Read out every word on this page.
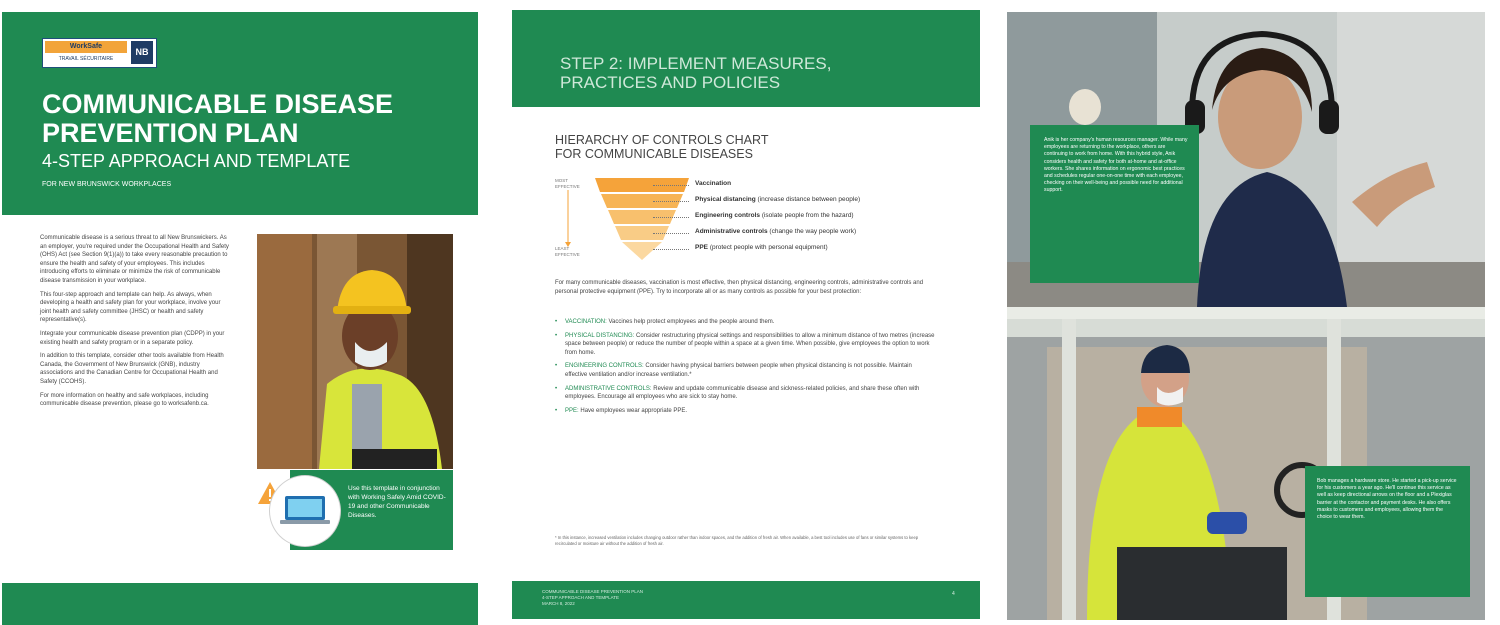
WorkSafe
TRAVAIL SÉCURITAIRE
NB
COMMUNICABLE DISEASE
PREVENTION PLAN
4-STEP APPROACH AND TEMPLATE
FOR NEW BRUNSWICK WORKPLACES

Communicable disease is a serious threat to all New Brunswickers. As an employer, you're required under the Occupational Health and Safety (OHS) Act (see Section 9(1)(a)) to take every reasonable precaution to ensure the health and safety of your employees. This includes introducing efforts to eliminate or minimize the risk of communicable disease transmission in your workplace.

This four-step approach and template can help. As always, when developing a health and safety plan for your workplace, involve your joint health and safety committee (JHSC) or health and safety representative(s).

Integrate your communicable disease prevention plan (CDPP) in your existing health and safety program or in a separate policy.

In addition to this template, consider other tools available from Health Canada, the Government of New Brunswick (GNB), industry associations and the Canadian Centre for Occupational Health and Safety (CCOHS).

For more information on healthy and safe workplaces, including communicable disease prevention, please go to worksafenb.ca.

Use this template in conjunction with Working Safely Amid COVID-19 and other Communicable Diseases.
STEP 2: IMPLEMENT MEASURES,
PRACTICES AND POLICIES
HIERARCHY OF CONTROLS CHART
FOR COMMUNICABLE DISEASES
MOST EFFECTIVE
LEAST EFFECTIVE
Vaccination
Physical distancing (increase distance between people)
Engineering controls (isolate people from the hazard)
Administrative controls (change the way people work)
PPE (protect people with personal equipment)
For many communicable diseases, vaccination is most effective, then physical distancing, engineering controls, administrative controls and personal protective equipment (PPE). Try to incorporate all or as many controls as possible for your best protection:
• VACCINATION: Vaccines help protect employees and the people around them.
• PHYSICAL DISTANCING: Consider restructuring physical settings and responsibilities to allow a minimum distance of two metres (increase space between people) or reduce the number of people within a space at a given time. When possible, give employees the option to work from home.
• ENGINEERING CONTROLS: Consider having physical barriers between people when physical distancing is not possible. Maintain effective ventilation and/or increase ventilation.*
• ADMINISTRATIVE CONTROLS: Review and update communicable disease and sickness-related policies, and share these often with employees. Encourage all employees who are sick to stay home.
• PPE: Have employees wear appropriate PPE.
* In this instance, increased ventilation includes changing outdoor rather than indoor spaces, and the addition of fresh air. When available, a best tool includes use of fans or similar systems to keep recirculated or moisture air without the addition of fresh air.
COMMUNICABLE DISEASE PREVENTION PLAN
4-STEP APPROACH AND TEMPLATE
MARCH 8, 2022
4
Anik is her company's human resources manager. While many employees are returning to the workplace, others are continuing to work from home. With this hybrid style, Anik considers health and safety for both at-home and at-office workers. She shares information on ergonomic best practices and schedules regular one-on-one time with each employee, checking on their well-being and possible need for additional support.
Bob manages a hardware store. He started a pick-up service for his customers a year ago. He'll continue this service as well as keep directional arrows on the floor and a Plexiglas barrier at the contactor and payment desks. He also offers masks to customers and employees, allowing them the choice to wear them.
